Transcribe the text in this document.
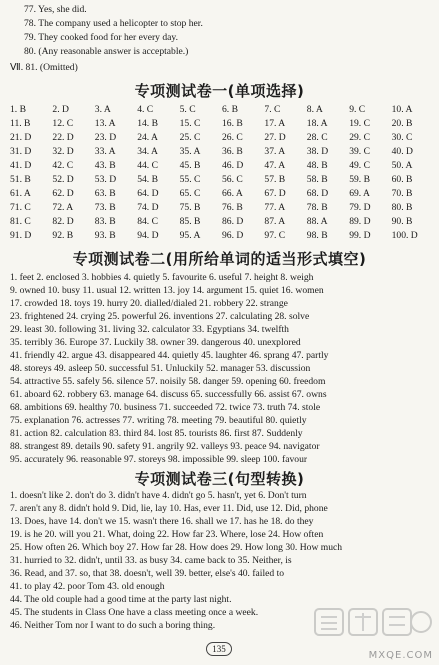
77. Yes, she did.
78. The company used a helicopter to stop her.
79. They cooked food for her every day.
80. (Any reasonable answer is acceptable.)
Ⅶ. 81. (Omitted)
专项测试卷一(单项选择)
1. B	2. D	3. A	4. C	5. C	6. B	7. C	8. A	9. C	10. A
11. B	12. C	13. A	14. B	15. C	16. B	17. A	18. A	19. C	20. B
21. D	22. D	23. D	24. A	25. C	26. C	27. D	28. C	29. C	30. C
31. D	32. D	33. A	34. A	35. A	36. B	37. A	38. D	39. C	40. D
41. D	42. C	43. B	44. C	45. B	46. D	47. A	48. B	49. C	50. A
51. B	52. D	53. D	54. B	55. C	56. C	57. B	58. B	59. B	60. B
61. A	62. D	63. B	64. D	65. C	66. A	67. D	68. D	69. A	70. B
71. C	72. A	73. B	74. D	75. B	76. B	77. A	78. B	79. D	80. B
81. C	82. D	83. B	84. C	85. B	86. D	87. A	88. A	89. D	90. B
91. D	92. B	93. B	94. D	95. A	96. D	97. C	98. B	99. D	100. D
专项测试卷二(用所给单词的适当形式填空)
1. feet 2. enclosed 3. hobbies 4. quietly 5. favourite 6. useful 7. height 8. weigh
9. owned 10. busy 11. usual 12. written 13. joy 14. argument 15. quiet 16. women
17. crowded 18. toys 19. hurry 20. dialled/dialed 21. robbery 22. strange
23. frightened 24. crying 25. powerful 26. inventions 27. calculating 28. solve
29. least 30. following 31. living 32. calculator 33. Egyptians 34. twelfth
35. terribly 36. Europe 37. Luckily 38. owner 39. dangerous 40. unexplored
41. friendly 42. argue 43. disappeared 44. quietly 45. laughter 46. sprang 47. partly
48. storeys 49. asleep 50. successful 51. Unluckily 52. manager 53. discussion
54. attractive 55. safely 56. silence 57. noisily 58. danger 59. opening 60. freedom
61. aboard 62. robbery 63. manage 64. discuss 65. successfully 66. assist 67. owns
68. ambitions 69. healthy 70. business 71. succeeded 72. twice 73. truth 74. stole
75. explanation 76. actresses 77. writing 78. meeting 79. beautiful 80. quietly
81. action 82. calculation 83. third 84. lost 85. tourists 86. first 87. Suddenly
88. strangest 89. details 90. safety 91. angrily 92. valleys 93. peace 94. navigator
95. accurately 96. reasonable 97. storeys 98. impossible 99. sleep 100. favour
专项测试卷三(句型转换)
1. doesn't like 2. don't do 3. didn't have 4. didn't go 5. hasn't, yet 6. Don't turn
7. aren't any 8. didn't hold 9. Did, lie, lay 10. Has, ever 11. Did, use 12. Did, phone
13. Does, have 14. don't we 15. wasn't there 16. shall we 17. has he 18. do they
19. is he 20. will you 21. What, doing 22. How far 23. Where, lose 24. How often
25. How often 26. Which boy 27. How far 28. How does 29. How long 30. How much
31. hurried to 32. didn't, until 33. as busy 34. came back to 35. Neither, is
36. Read, and 37. so, that 38. doesn't, well 39. better, else's 40. failed to
41. to play 42. poor Tom 43. old enough
44. The old couple had a good time at the party last night.
45. The students in Class One have a class meeting once a week.
46. Neither Tom nor I want to do such a boring thing.
135
MXQE.COM
